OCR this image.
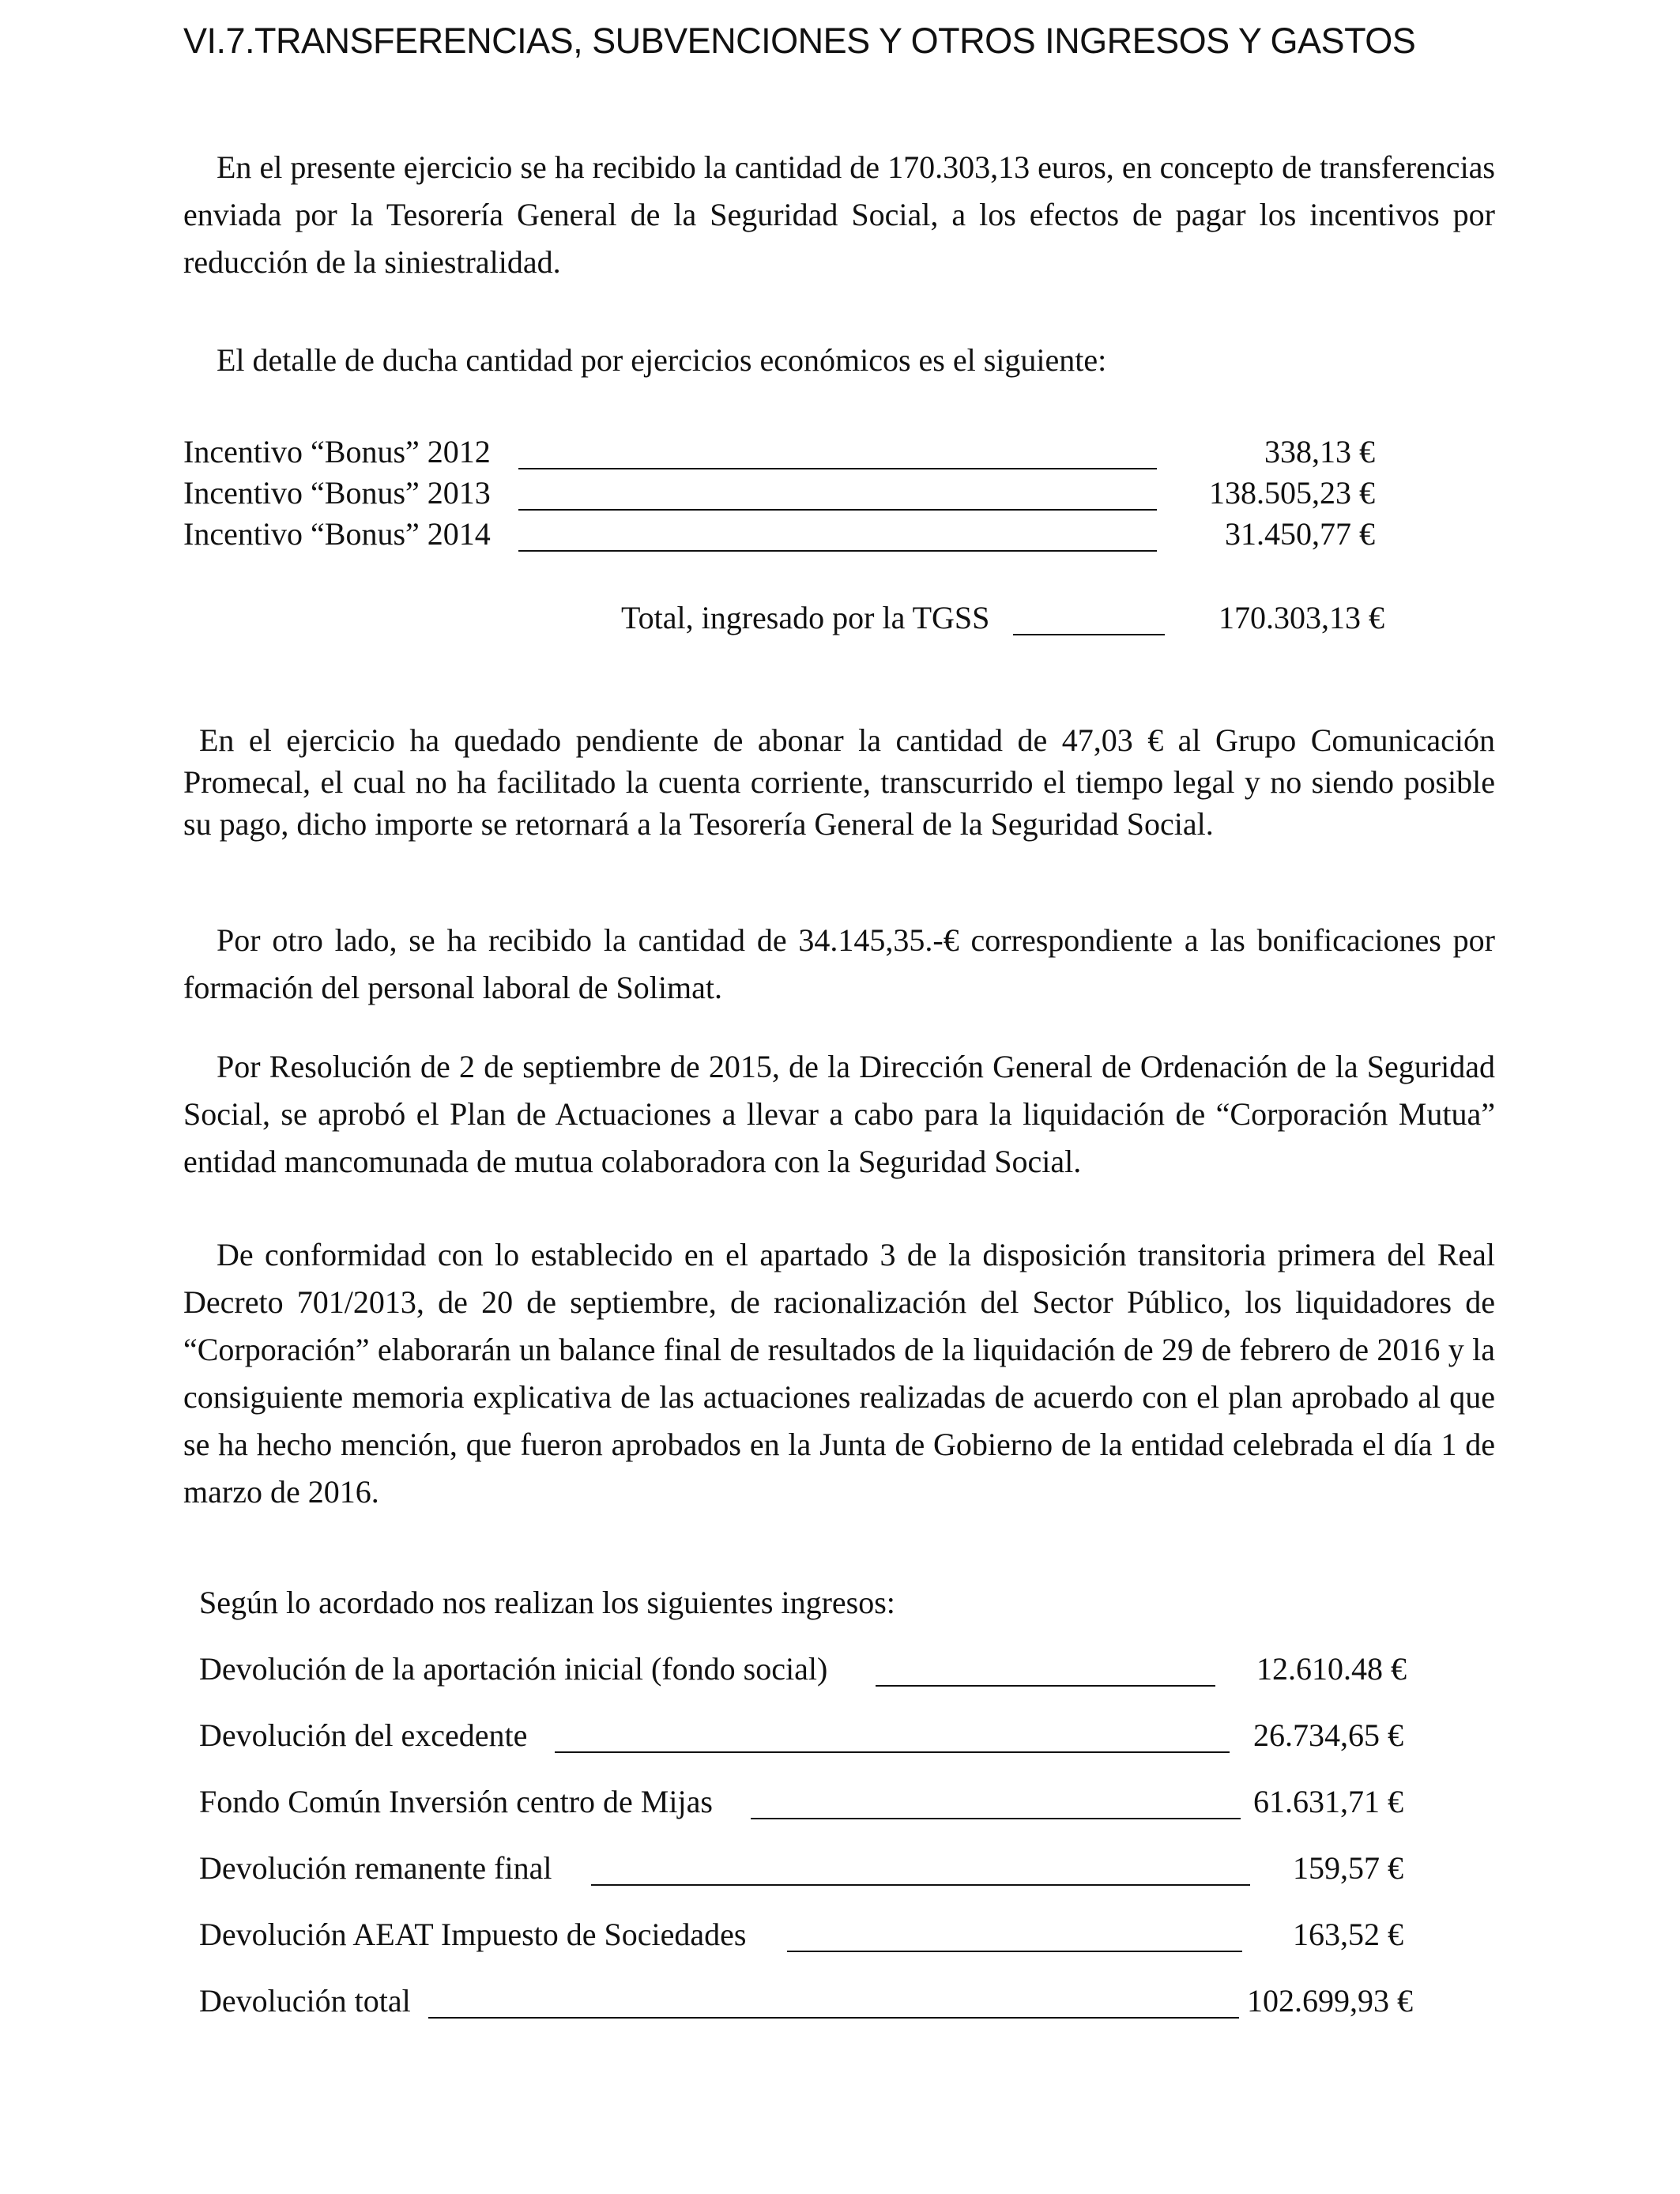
VI.7.TRANSFERENCIAS, SUBVENCIONES Y OTROS INGRESOS Y GASTOS
En el presente ejercicio se ha recibido la cantidad de 170.303,13 euros, en concepto de transferencias enviada por la Tesorería General de la Seguridad Social, a los efectos de pagar los incentivos por reducción de la siniestralidad.
El detalle de ducha cantidad por ejercicios económicos es el siguiente:
Incentivo “Bonus” 2012	338,13 €
Incentivo “Bonus” 2013	138.505,23 €
Incentivo “Bonus” 2014	31.450,77 €
Total, ingresado por la TGSS	170.303,13 €
En el ejercicio ha quedado pendiente de abonar la cantidad de 47,03 € al Grupo Comunicación Promecal, el cual no ha facilitado la cuenta corriente, transcurrido el tiempo legal y no siendo posible su pago, dicho importe se retornará a la Tesorería General de la Seguridad Social.
Por otro lado, se ha recibido la cantidad de 34.145,35.-€ correspondiente a las bonificaciones por formación del personal laboral de Solimat.
Por Resolución de 2 de septiembre de 2015, de la Dirección General de Ordenación de la Seguridad Social, se aprobó el Plan de Actuaciones a llevar a cabo para la liquidación de “Corporación Mutua” entidad mancomunada de mutua colaboradora con la Seguridad Social.
De conformidad con lo establecido en el apartado 3 de la disposición transitoria primera del Real Decreto 701/2013, de 20 de septiembre, de racionalización del Sector Público, los liquidadores de “Corporación” elaborarán un balance final de resultados de la liquidación de 29 de febrero de 2016 y la consiguiente memoria explicativa de las actuaciones realizadas de acuerdo con el plan aprobado al que se ha hecho mención, que fueron aprobados en la Junta de Gobierno de la entidad celebrada el día 1 de marzo de 2016.
Según lo acordado nos realizan los siguientes ingresos:
Devolución de la aportación inicial (fondo social)	12.610.48 €
Devolución del excedente	26.734,65 €
Fondo Común Inversión centro de Mijas	61.631,71 €
Devolución remanente final	159,57 €
Devolución AEAT Impuesto de Sociedades	163,52 €
Devolución total	102.699,93 €
